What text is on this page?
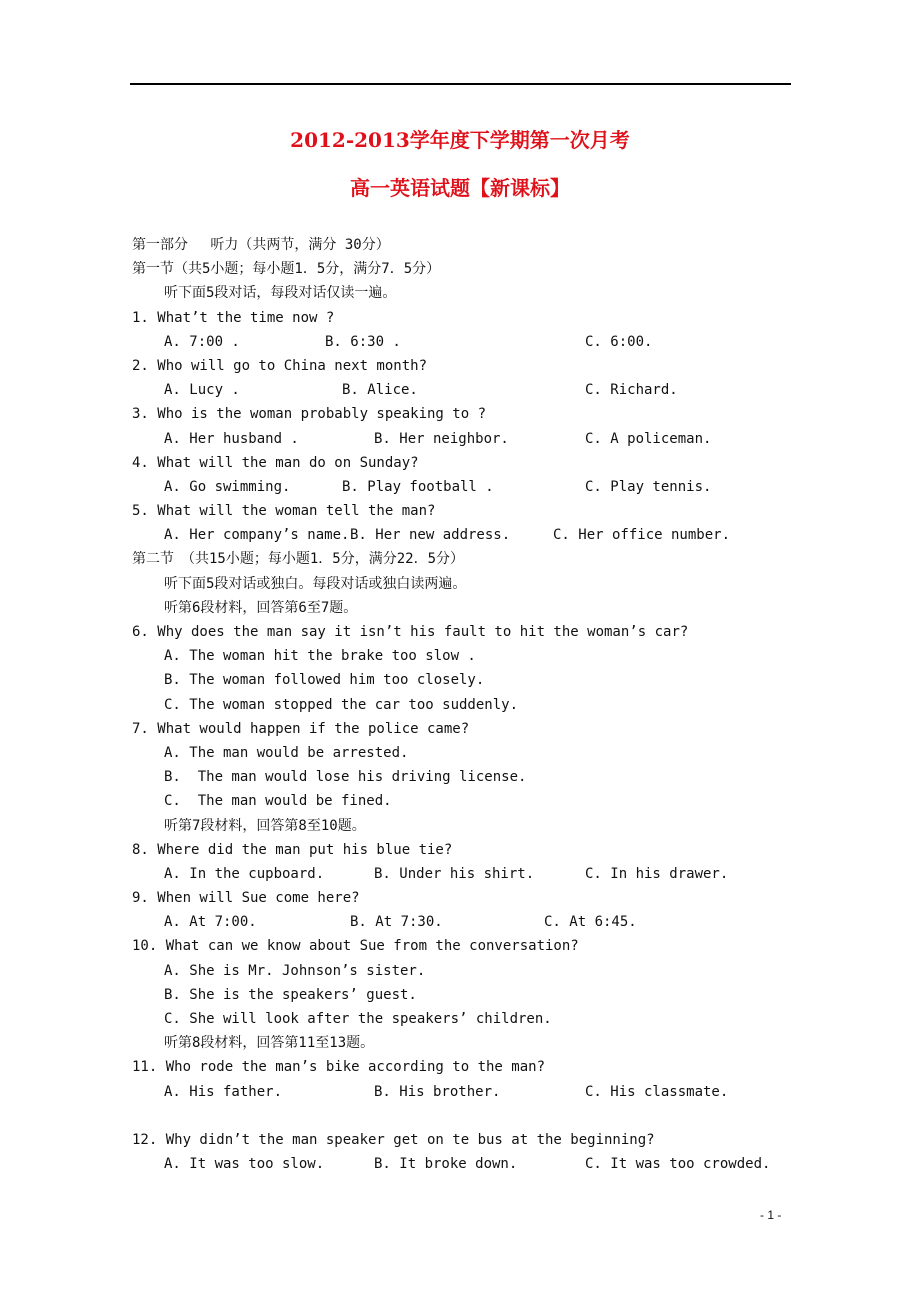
2012-2013学年度下学期第一次月考
高一英语试题【新课标】
第一部分　 听力（共两节，满分 30分）
第一节（共5小题；每小题1．5分，满分7．5分）
听下面5段对话，每段对话仅读一遍。
1. What’t the time now ?

A. 7:00 .

	B. 6:30 .

	C. 6:00.

2. Who will go to China next month?

A. Lucy .

	B. Alice.

	C. Richard.

3. Who is the woman probably speaking to ?

A. Her husband .

	B. Her neighbor.

	C. A policeman.

4. What will the man do on Sunday?

A. Go swimming.

	B. Play football .

	C. Play tennis.

5. What will the woman tell the man?

A. Her company’s name.

B. Her new address.

	C. Her office number.

第二节　（共15小题；每小题1．5分，满分22．5分）
听下面5段对话或独白。每段对话或独白读两遍。
听第6段材料，回答第6至7题。
6. Why does the man say it isn’t his fault to hit the woman’s car?
A. The woman hit the brake too slow .
B. The woman followed him too closely.
C. The woman stopped the car too suddenly.
7. What would happen if the police came?
A. The man would be arrested.
B.  The man would lose his driving license.
C.  The man would be fined.
听第7段材料，回答第8至10题。
8. Where did the man put his blue tie?

A. In the cupboard.

	B. Under his shirt.

	C. In his drawer.

9. When will Sue come here?

A. At 7:00.

	B. At 7:30.

	C. At 6:45.

10. What can we know about Sue from the conversation?
A. She is Mr. Johnson’s sister.
B. She is the speakers’ guest.
C. She will look after the speakers’ children.
听第8段材料，回答第11至13题。
11. Who rode the man’s bike according to the man?

A. His father.

	B. His brother.

	C. His classmate.

12. Why didn’t the man speaker get on te bus at the beginning?

A. It was too slow.

	B. It broke down.

	C. It was too crowded.

- 1 -
